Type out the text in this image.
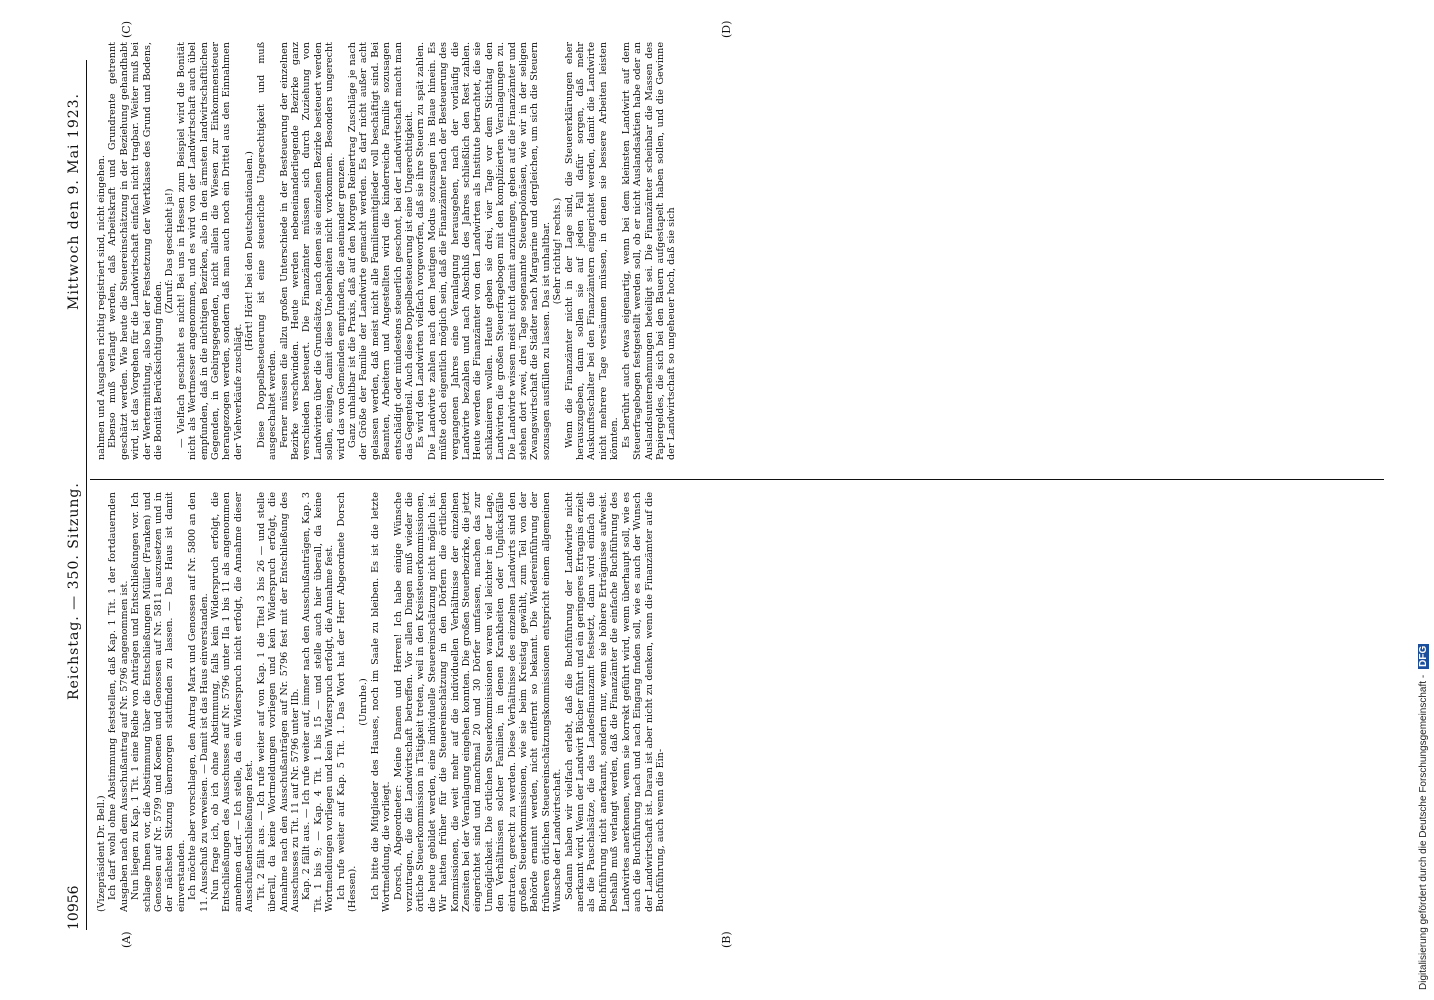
10956
Reichstag. — 350. Sitzung.
Mittwoch den 9. Mai 1923.
(A)	(B)
(C)	(D)

(Vizepräsident Dr. Bell.) Ich darf wohl ohne Abstimmung feststellen, daß Kap. 1 Tit. 1 der fortdauernden Ausgaben nach dem Ausschußantrag auf Nr. 5796 angenommen ist. Nun liegen zu Kap. 1 Tit. 1 eine Reihe von Anträgen und Entschließungen vor. Ich schlage Ihnen vor, die Abstimmung über die Entschließungen Müller (Franken) und Genossen auf Nr. 5799 und Koenen und Genossen auf Nr. 5811 auszusetzen und in der nächsten Sitzung übermorgen stattfinden zu lassen. — Das Haus ist damit einverstanden. Ich möchte aber vorschlagen, den Antrag Marx und Genossen auf Nr. 5800 an den 11. Ausschuß zu verweisen. — Damit ist das Haus einverstanden. Nun frage ich, ob ich ohne Abstimmung, falls kein Widerspruch erfolgt, die Entschließungen des Ausschusses auf Nr. 5796 unter IIa 1 bis 11 als angenommen annehmen darf. — Ich stelle, da ein Widerspruch nicht erfolgt, die Annahme dieser Ausschußentschließungen fest. Tit. 2 fällt aus. — Ich rufe weiter auf von Kap. 1 die Titel 3 bis 26 — und stelle überall, da keine Wortmeldungen vorliegen und kein Widerspruch erfolgt, die Annahme nach den Ausschußanträgen auf Nr. 5796 fest mit der Entschließung des Ausschusses zu Tit. 11 auf Nr. 5796 unter IIb. Kap. 2 fällt aus. — Ich rufe weiter auf, immer nach den Ausschußanträgen, Kap. 3 Tit. 1 bis 9; — Kap. 4 Tit. 1 bis 15 — und stelle auch hier überall, da keine Wortmeldungen vorliegen und kein Widerspruch erfolgt, die Annahme fest. Ich rufe weiter auf Kap. 5 Tit. 1. Das Wort hat der Herr Abgeordnete Dorsch (Hessen).

(Unruhe.) Ich bitte die Mitglieder des Hauses, noch im Saale zu bleiben. Es ist die letzte Wortmeldung, die vorliegt. Dorsch, Abgeordneter: Meine Damen und Herren! Ich habe einige Wünsche vorzutragen, die die Landwirtschaft betreffen. Vor allen Dingen muß wieder die örtliche Steuerkommission in Tätigkeit treten, weil in den Kreissteuerkommissionen, die heute gebildet werden, eine individuelle Steuereinschätzung nicht möglich ist. Wir hatten früher für die Steuereinschätzung in den Dörfern die örtlichen Kommissionen, die weit mehr auf die individuellen Verhältnisse der einzelnen Zensiten bei der Veranlagung eingehen konnten. Die großen Steuerbezirke, die jetzt eingerichtet sind und manchmal 20 und 30 Dörfer umfassen, machen das zur Unmöglichkeit. Die örtlichen Steuerkommissionen waren viel leichter in der Lage, den Verhältnissen solcher Familien, in denen Krankheiten oder Unglücksfälle eintraten, gerecht zu werden. Diese Verhältnisse des einzelnen Landwirts sind den großen Steuerkommissionen, wie sie beim Kreistag gewählt, zum Teil von der Behörde ernannt werden, nicht entfernt so bekannt. Die Wiedereinführung der früheren örtlichen Steuereinschätzungskommissionen entspricht einem allgemeinen Wunsche der Landwirtschaft. Sodann haben wir vielfach erlebt, daß die Buchführung der Landwirte nicht anerkannt wird. Wenn der Landwirt Bücher führt und ein geringeres Ertragnis erzielt als die Pauschalsätze, die das Landesfinanzamt festsetzt, dann wird einfach die Buchführung nicht anerkannt, sondern nur, wenn sie höhere Erträgnisse aufweist. Deshalb muß verlangt werden, daß die Finanzämter die einfache Buchführung des Landwirtes anerkennen, wenn sie korrekt geführt wird, wenn überhaupt soll, wie es auch die Buchführung nach und nach Eingang finden soll, wie es auch der Wunsch der Landwirtschaft ist. Daran ist aber nicht zu denken, wenn die Finanzämter auf die Buchführung, auch wenn die Ein-

nahmen und Ausgaben richtig registriert sind, nicht eingehen. Ebenso muß verlangt werden, daß Arbeitskraft und Grundrente getrennt geschätzt werden. Wie heute die Steuereinschätzung in der Beziehung gehandhabt wird, ist das Vorgehen für die Landwirtschaft einfach nicht tragbar. Weiter muß bei der Wertermittlung, also bei der Festsetzung der Wertklasse des Grund und Bodens, die Bonität Berücksichtigung finden.

(Zuruf: Das geschieht ja!) — Vielfach geschieht es nicht! Bei uns in Hessen zum Beispiel wird die Bonität nicht als Wertmesser angenommen, und es wird von der Landwirtschaft auch übel empfunden, daß in die nichtigen Bezirken, also in den ärmsten landwirtschaftlichen Gegenden, in Gebirgsgegenden, nicht allein die Wiesen zur Einkommensteuer herangezogen werden, sondern daß man auch noch ein Drittel aus den Einnahmen der Viehverkäufe zuschlägt.

(Hört! Hört! bei den Deutschnationalen.) Diese Doppelbesteuerung ist eine steuerliche Ungerechtigkeit und muß ausgeschaltet werden. Ferner müssen die allzu großen Unterschiede in der Besteuerung der einzelnen Bezirke verschwinden. Heute werden nebeneinanderliegende Bezirke ganz verschieden besteuert. Die Finanzämter müssen sich durch Zuziehung von Landwirten über die Grundsätze, nach denen sie einzelnen Bezirke besteuert werden sollen, einigen, damit diese Unebenheiten nicht vorkommen. Besonders ungerecht wird das von Gemeinden empfunden, die aneinander grenzen. Ganz unhaltbar ist die Praxis, daß auf den Morgen Reinertrag Zuschläge je nach der Größe der Familie der Landwirte gemacht werden. Es darf nicht außer acht gelassen werden, daß meist nicht alle Familienmitglieder voll beschäftigt sind. Bei Beamten, Arbeitern und Angestellten wird die kinderreiche Familie sozusagen entschädigt oder mindestens steuerlich geschont, bei der Landwirtschaft macht man das Gegenteil. Auch diese Doppelbesteuerung ist eine Ungerechtigkeit. Es wird den Landwirten vielfach vorgeworfen, daß sie ihre Steuern zu spät zahlen. Die Landwirte zahlen nach dem heutigen Modus sozusagen ins Blaue hinein. Es müßte doch eigentlich möglich sein, daß die Finanzämter nach der Besteuerung des vergangenen Jahres eine Veranlagung herausgeben, nach der vorläufig die Landwirte bezahlen und nach Abschluß des Jahres schließlich den Rest zahlen. Heute werden die Finanzämter von den Landwirten als Institute betrachtet, die sie schikanieren wollen. Heute geben sie drei, vier Tage vor dem Stichtag den Landwirten die großen Steuerfragebogen mit den komplizierten Veranlagungen zu. Die Landwirte wissen meist nicht damit anzufangen, gehen auf die Finanzämter und stehen dort zwei, drei Tage sogenannte Steuerpolonäsen, wie wir in der seligen Zwangswirtschaft die Städter nach Margarine und dergleichen, um sich die Steuern sozusagen ausfüllen zu lassen. Das ist unhaltbar. (Sehr richtig! rechts.) Wenn die Finanzämter nicht in der Lage sind, die Steuererklärungen eher herauszugeben, dann sollen sie auf jeden Fall dafür sorgen, daß mehr Auskunftsschalter bei den Finanzämtern eingerichtet werden, damit die Landwirte nicht mehrere Tage versäumen müssen, in denen sie bessere Arbeiten leisten könnten. Es berührt auch etwas eigenartig, wenn bei dem kleinsten Landwirt auf dem Steuerfragebogen festgestellt werden soll, ob er nicht Auslandsaktien habe oder an Auslandsunternehmungen beteiligt sei. Die Finanzämter scheinbar die Massen des Papiergeldes, die sich bei den Bauern aufgestapelt haben sollen, und die Gewinne der Landwirtschaft so ungeheuer hoch, daß sie sich

Digitalisierung gefördert durch die Deutsche Forschungsgemeinschaft -DFG
